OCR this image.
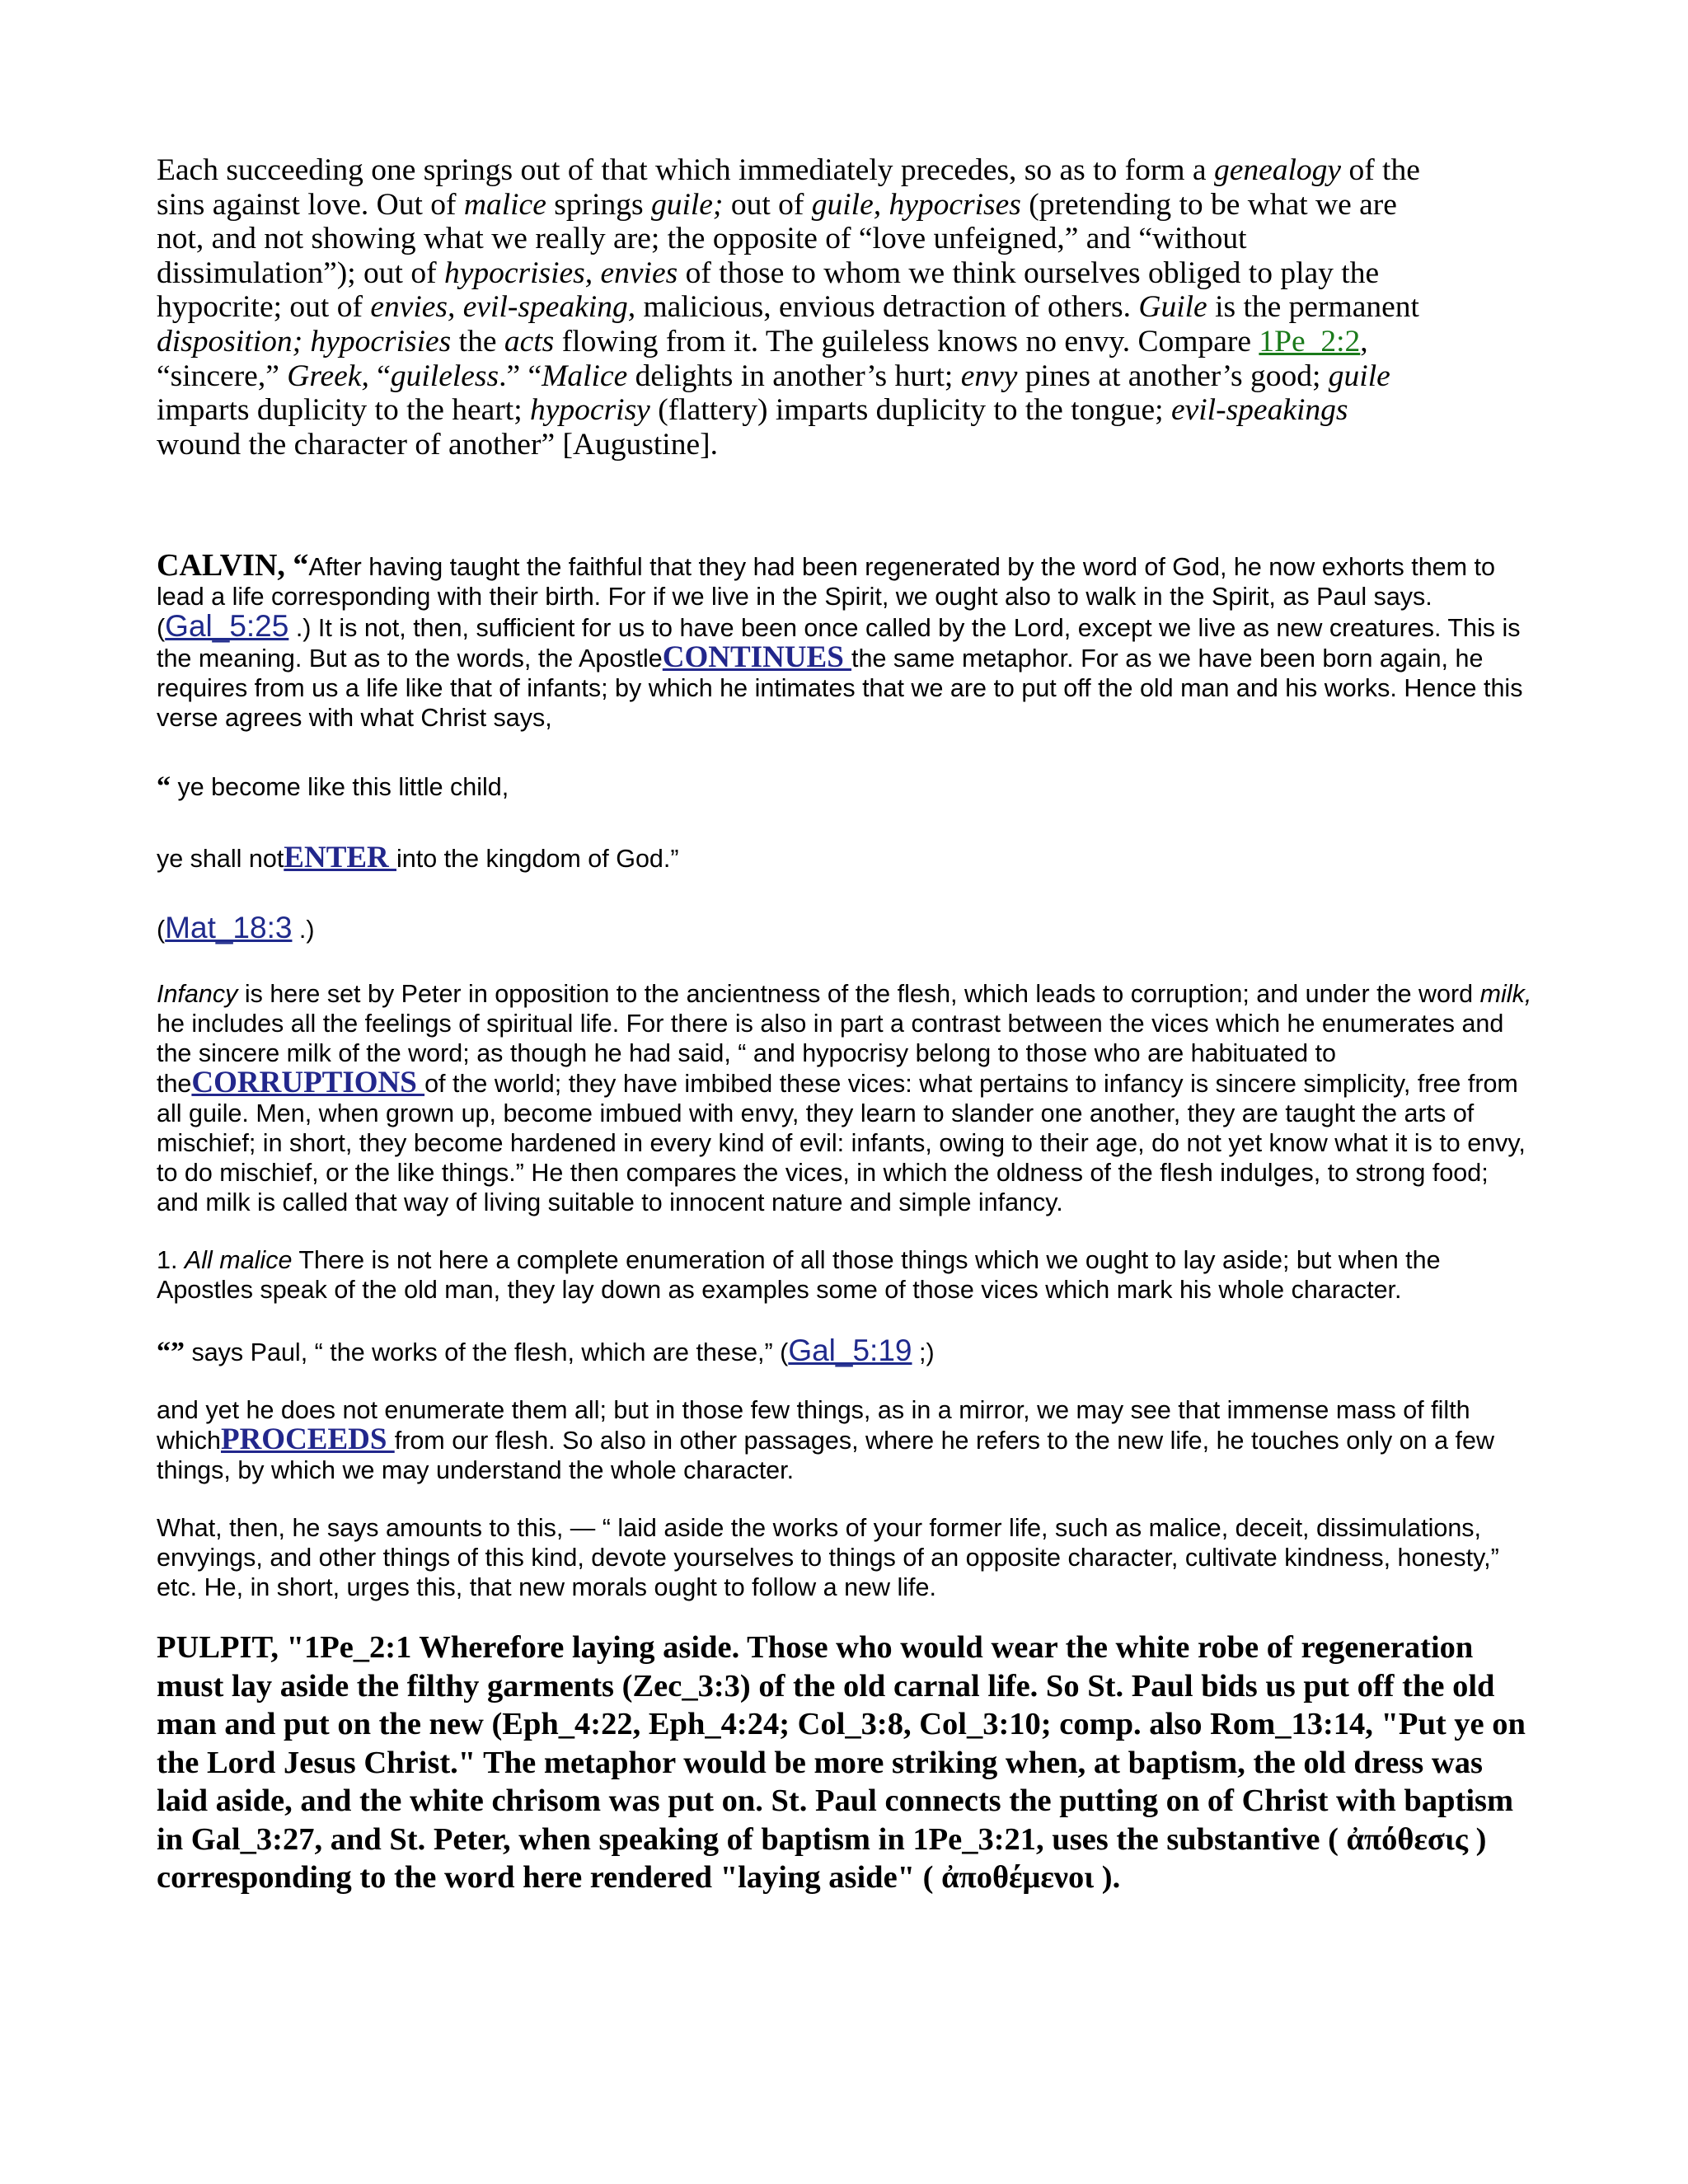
Each succeeding one springs out of that which immediately precedes, so as to form a genealogy of the
sins against love. Out of malice springs guile; out of guile, hypocrises (pretending to be what we are
not, and not showing what we really are; the opposite of “love unfeigned,” and “without
dissimulation”); out of hypocrisies, envies of those to whom we think ourselves obliged to play the
hypocrite; out of envies, evil-speaking, malicious, envious detraction of others. Guile is the permanent
disposition; hypocrisies the acts flowing from it. The guileless knows no envy. Compare 1Pe_2:2,
“sincere,” Greek, “guileless.” “Malice delights in another’s hurt; envy pines at another’s good; guile
imparts duplicity to the heart; hypocrisy (flattery) imparts duplicity to the tongue; evil-speakings
wound the character of another” [Augustine].

CALVIN, “After having taught the faithful that they had been regenerated by the word of God, he now exhorts them to lead a life corresponding with their birth. For if we live in the Spirit, we ought also to walk in the Spirit, as Paul says.
(Gal_5:25 .) It is not, then, sufficient for us to have been once called by the Lord, except we live as new creatures. This is the meaning. But as to the words, the ApostleCONTINUES the same metaphor. For as we have been born again, he requires from us a life like that of infants; by which he intimates that we are to put off the old man and his works. Hence this verse agrees with what Christ says,

“ ye become like this little child,

ye shall notENTER into the kingdom of God.”

(Mat_18:3 .)

Infancy is here set by Peter in opposition to the ancientness of the flesh, which leads to corruption; and under the word milk, he includes all the feelings of spiritual life. For there is also in part a contrast between the vices which he enumerates and the sincere milk of the word; as though he had said, “ and hypocrisy belong to those who are habituated to theCORRUPTIONS of the world; they have imbibed these vices: what pertains to infancy is sincere simplicity, free from all guile. Men, when grown up, become imbued with envy, they learn to slander one another, they are taught the arts of mischief; in short, they become hardened in every kind of evil: infants, owing to their age, do not yet know what it is to envy, to do mischief, or the like things.” He then compares the vices, in which the oldness of the flesh indulges, to strong food; and milk is called that way of living suitable to innocent nature and simple infancy.

1. All malice There is not here a complete enumeration of all those things which we ought to lay aside; but when the Apostles speak of the old man, they lay down as examples some of those vices which mark his whole character.

“” says Paul, “ the works of the flesh, which are these,” (Gal_5:19 ;)

and yet he does not enumerate them all; but in those few things, as in a mirror, we may see that immense mass of filth whichPROCEEDS from our flesh. So also in other passages, where he refers to the new life, he touches only on a few things, by which we may understand the whole character.

What, then, he says amounts to this, — “ laid aside the works of your former life, such as malice, deceit, dissimulations, envyings, and other things of this kind, devote yourselves to things of an opposite character, cultivate kindness, honesty,” etc. He, in short, urges this, that new morals ought to follow a new life.

PULPIT, "1Pe_2:1 Wherefore laying aside. Those who would wear the white robe of regeneration must lay aside the filthy garments (Zec_3:3) of the old carnal life. So St. Paul bids us put off the old man and put on the new (Eph_4:22, Eph_4:24; Col_3:8, Col_3:10; comp. also Rom_13:14, "Put ye on the Lord Jesus Christ." The metaphor would be more striking when, at baptism, the old dress was laid aside, and the white chrisom was put on. St. Paul connects the putting on of Christ with baptism in Gal_3:27, and St. Peter, when speaking of baptism in 1Pe_3:21, uses the substantive ( ἀπόθεσις ) corresponding to the word here rendered "laying aside" ( ἀποθέμενοι ).
